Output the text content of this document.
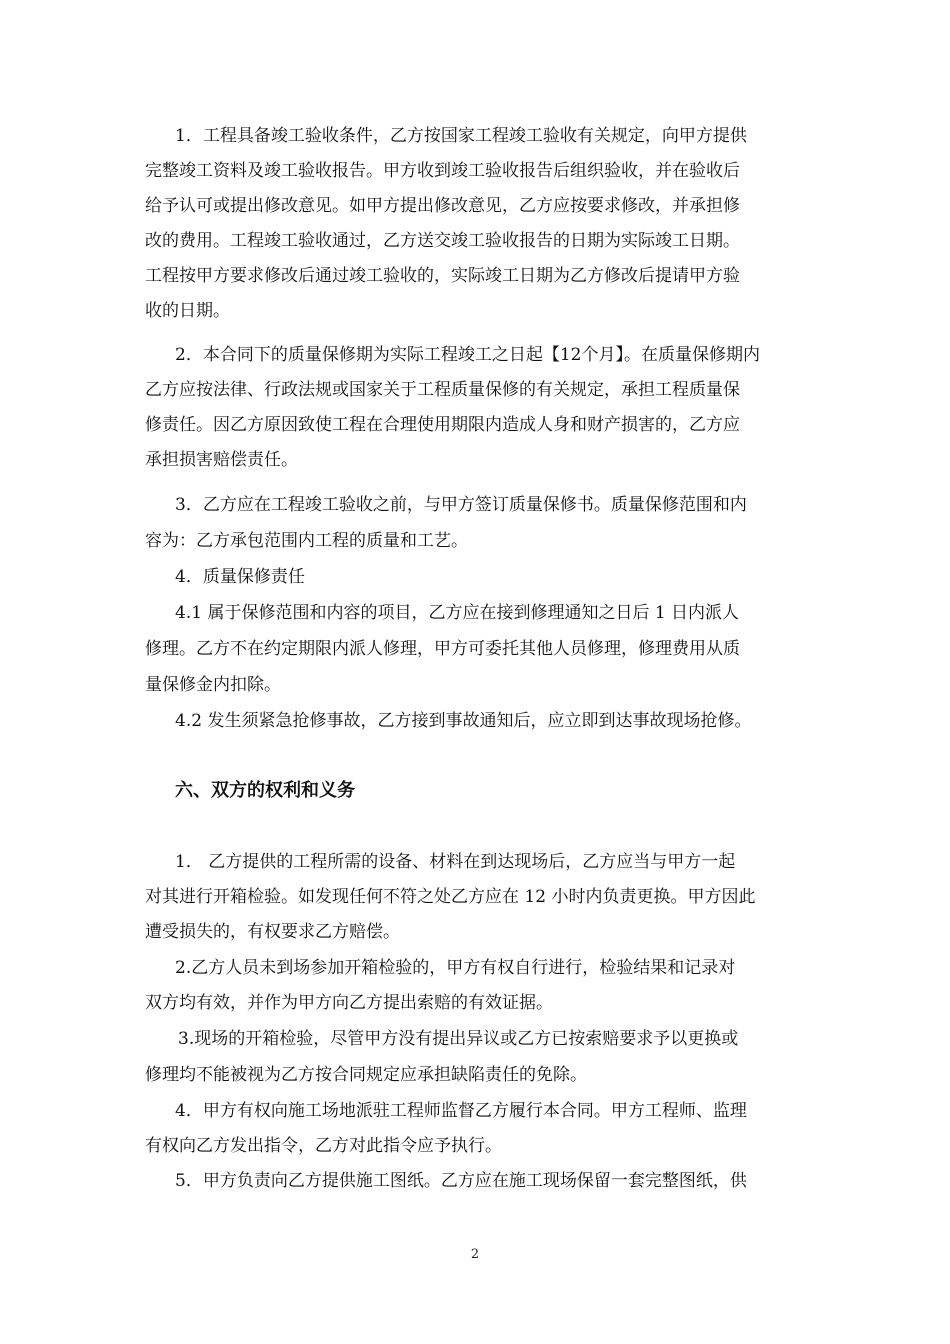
1．工程具备竣工验收条件，乙方按国家工程竣工验收有关规定，向甲方提供
完整竣工资料及竣工验收报告。甲方收到竣工验收报告后组织验收，并在验收后
给予认可或提出修改意见。如甲方提出修改意见，乙方应按要求修改，并承担修
改的费用。工程竣工验收通过，乙方送交竣工验收报告的日期为实际竣工日期。
工程按甲方要求修改后通过竣工验收的，实际竣工日期为乙方修改后提请甲方验
收的日期。
2．本合同下的质量保修期为实际工程竣工之日起【12个月】。在质量保修期内
乙方应按法律、行政法规或国家关于工程质量保修的有关规定，承担工程质量保
修责任。因乙方原因致使工程在合理使用期限内造成人身和财产损害的，乙方应
承担损害赔偿责任。
3．乙方应在工程竣工验收之前，与甲方签订质量保修书。质量保修范围和内
容为：乙方承包范围内工程的质量和工艺。
4．质量保修责任
4.1 属于保修范围和内容的项目，乙方应在接到修理通知之日后 1 日内派人
修理。乙方不在约定期限内派人修理，甲方可委托其他人员修理，修理费用从质
量保修金内扣除。
4.2 发生须紧急抢修事故，乙方接到事故通知后，应立即到达事故现场抢修。
六、双方的权利和义务
1． 乙方提供的工程所需的设备、材料在到达现场后，乙方应当与甲方一起
对其进行开箱检验。如发现任何不符之处乙方应在 12 小时内负责更换。甲方因此
遭受损失的，有权要求乙方赔偿。
2.乙方人员未到场参加开箱检验的，甲方有权自行进行，检验结果和记录对
双方均有效，并作为甲方向乙方提出索赔的有效证据。
3.现场的开箱检验，尽管甲方没有提出异议或乙方已按索赔要求予以更换或
修理均不能被视为乙方按合同规定应承担缺陷责任的免除。
4．甲方有权向施工场地派驻工程师监督乙方履行本合同。甲方工程师、监理
有权向乙方发出指令，乙方对此指令应予执行。
5．甲方负责向乙方提供施工图纸。乙方应在施工现场保留一套完整图纸，供
2
